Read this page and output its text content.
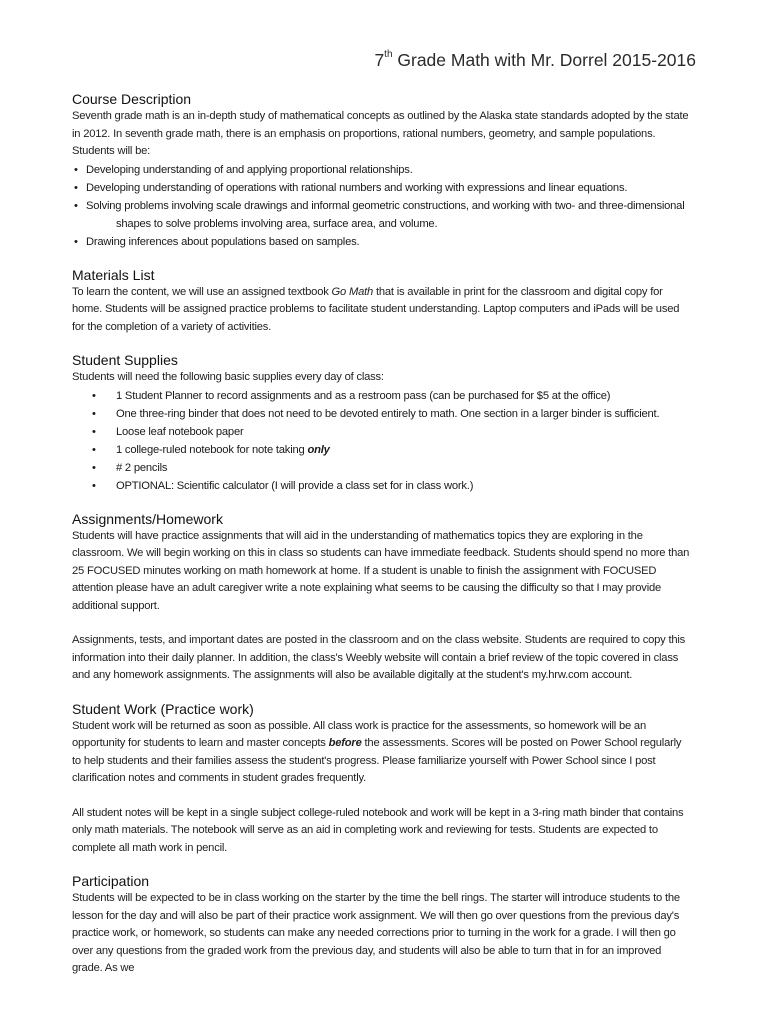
7th Grade Math with Mr. Dorrel 2015-2016
Course Description

Seventh grade math is an in-depth study of mathematical concepts as outlined by the Alaska state standards adopted by the state in 2012. In seventh grade math, there is an emphasis on proportions, rational numbers, geometry, and sample populations. Students will be:

• Developing understanding of and applying proportional relationships.
• Developing understanding of operations with rational numbers and working with expressions and linear equations.
• Solving problems involving scale drawings and informal geometric constructions, and working with two- and three-dimensional
shapes to solve problems involving area, surface area, and volume.
• Drawing inferences about populations based on samples.
Materials List

To learn the content, we will use an assigned textbook Go Math that is available in print for the classroom and digital copy for home. Students will be assigned practice problems to facilitate student understanding. Laptop computers and iPads will be used for the completion of a variety of activities.

Student Supplies

Students will need the following basic supplies every day of class:

• 1 Student Planner to record assignments and as a restroom pass (can be purchased for $5 at the office)
• One three-ring binder that does not need to be devoted entirely to math. One section in a larger binder is sufficient.
• Loose leaf notebook paper
• 1 college-ruled notebook for note taking only
• # 2 pencils
• OPTIONAL: Scientific calculator (I will provide a class set for in class work.)
Assignments/Homework

Students will have practice assignments that will aid in the understanding of mathematics topics they are exploring in the classroom. We will begin working on this in class so students can have immediate feedback. Students should spend no more than 25 FOCUSED minutes working on math homework at home. If a student is unable to finish the assignment with FOCUSED attention please have an adult caregiver write a note explaining what seems to be causing the difficulty so that I may provide additional support.

Assignments, tests, and important dates are posted in the classroom and on the class website. Students are required to copy this information into their daily planner. In addition, the class's Weebly website will contain a brief review of the topic covered in class and any homework assignments. The assignments will also be available digitally at the student's my.hrw.com account.

Student Work (Practice work)

Student work will be returned as soon as possible. All class work is practice for the assessments, so homework will be an opportunity for students to learn and master concepts before the assessments. Scores will be posted on Power School regularly to help students and their families assess the student's progress. Please familiarize yourself with Power School since I post clarification notes and comments in student grades frequently.

All student notes will be kept in a single subject college-ruled notebook and work will be kept in a 3-ring math binder that contains only math materials. The notebook will serve as an aid in completing work and reviewing for tests. Students are expected to complete all math work in pencil.

Participation

Students will be expected to be in class working on the starter by the time the bell rings. The starter will introduce students to the lesson for the day and will also be part of their practice work assignment. We will then go over questions from the previous day's practice work, or homework, so students can make any needed corrections prior to turning in the work for a grade. I will then go over any questions from the graded work from the previous day, and students will also be able to turn that in for an improved grade. As we
